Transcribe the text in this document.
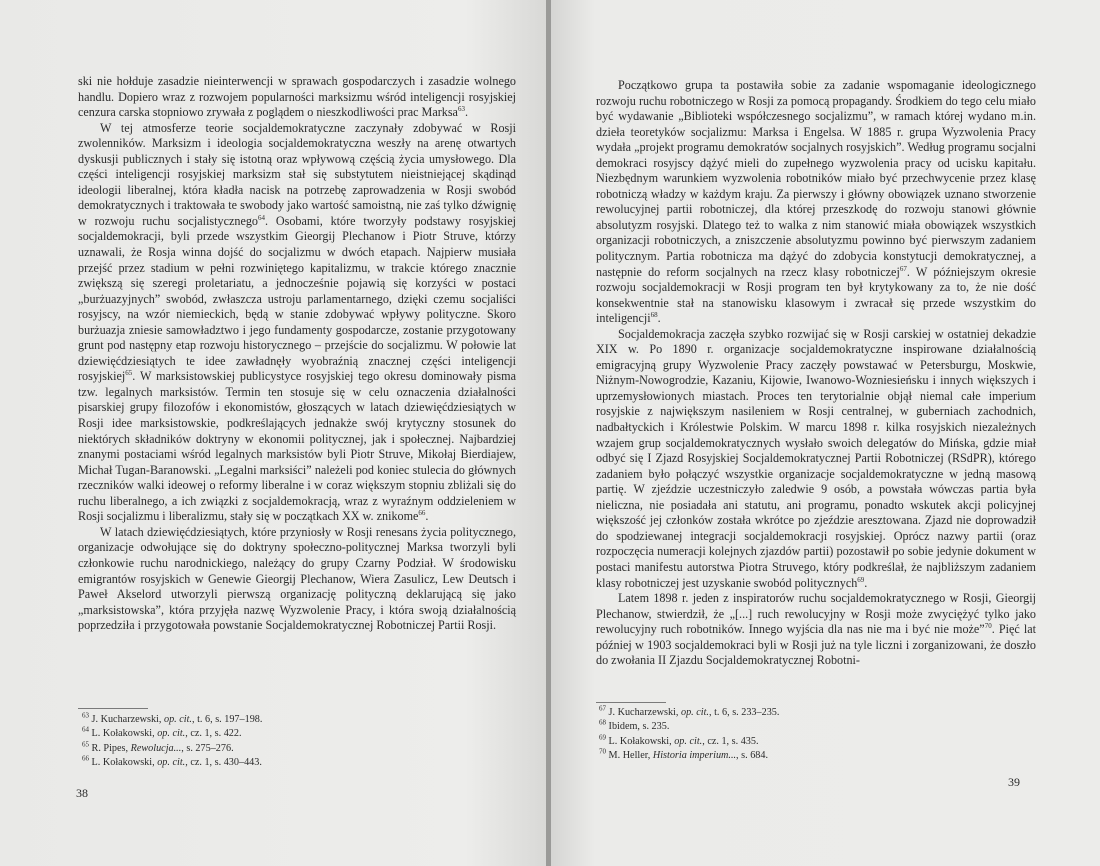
ski nie hołduje zasadzie nieinterwencji w sprawach gospodarczych i zasadzie wolnego handlu. Dopiero wraz z rozwojem popularności marksizmu wśród inteligencji rosyjskiej cenzura carska stopniowo zrywała z poglądem o nieszkodliwości prac Marksa$^{63}$.

W tej atmosferze teorie socjaldemokratyczne zaczynały zdobywać w Rosji zwolenników. Marksizm i ideologia socjaldemokratyczna weszły na arenę otwartych dyskusji publicznych i stały się istotną oraz wpływową częścią życia umysłowego. Dla części inteligencji rosyjskiej marksizm stał się substytutem nieistniejącej skądinąd ideologii liberalnej, która kładła nacisk na potrzebę zaprowadzenia w Rosji swobód demokratycznych i traktowała te swobody jako wartość samoistną, nie zaś tylko dźwignię w rozwoju ruchu socjalistycznego$^{64}$. Osobami, które tworzyły podstawy rosyjskiej socjaldemokracji, byli przede wszystkim Gieorgij Plechanow i Piotr Struve, którzy uznawali, że Rosja winna dojść do socjalizmu w dwóch etapach. Najpierw musiała przejść przez stadium w pełni rozwiniętego kapitalizmu, w trakcie którego znacznie zwiększą się szeregi proletariatu, a jednocześnie pojawią się korzyści w postaci „burżuazyjnych” swobód, zwłaszcza ustroju parlamentarnego, dzięki czemu socjaliści rosyjscy, na wzór niemieckich, będą w stanie zdobywać wpływy polityczne. Skoro burżuazja zniesie samowładztwo i jego fundamenty gospodarcze, zostanie przygotowany grunt pod następny etap rozwoju historycznego – przejście do socjalizmu. W połowie lat dziewięćdziesiątych te idee zawładnęły wyobraźnią znacznej części inteligencji rosyjskiej$^{65}$. W marksistowskiej publicystyce rosyjskiej tego okresu dominowały pisma tzw. legalnych marksistów. Termin ten stosuje się w celu oznaczenia działalności pisarskiej grupy filozofów i ekonomistów, głoszących w latach dziewięćdziesiątych w Rosji idee marksistowskie, podkreślających jednakże swój krytyczny stosunek do niektórych składników doktryny w ekonomii politycznej, jak i społecznej. Najbardziej znanymi postaciami wśród legalnych marksistów byli Piotr Struve, Mikołaj Bierdiajew, Michał Tugan-Baranowski. „Legalni marksiści” należeli pod koniec stulecia do głównych rzeczników walki ideowej o reformy liberalne i w coraz większym stopniu zbliżali się do ruchu liberalnego, a ich związki z socjaldemokracją, wraz z wyraźnym oddzieleniem w Rosji socjalizmu i liberalizmu, stały się w początkach XX w. znikome$^{66}$.

W latach dziewięćdziesiątych, które przyniosły w Rosji renesans życia politycznego, organizacje odwołujące się do doktryny społeczno-politycznej Marksa tworzyli byli członkowie ruchu narodnickiego, należący do grupy Czarny Podział. W środowisku emigrantów rosyjskich w Genewie Gieorgij Plechanow, Wiera Zasulicz, Lew Deutsch i Paweł Akselord utworzyli pierwszą organizację polityczną deklarującą się jako „marksistowska”, która przyjęła nazwę Wyzwolenie Pracy, i która swoją działalnością poprzedziła i przygotowała powstanie Socjaldemokratycznej Robotniczej Partii Rosji.

$^{63}$ J. Kucharzewski, op. cit., t. 6, s. 197–198.
$^{64}$ L. Kołakowski, op. cit., cz. 1, s. 422.
$^{65}$ R. Pipes, Rewolucja..., s. 275–276.
$^{66}$ L. Kołakowski, op. cit., cz. 1, s. 430–443.
38

Początkowo grupa ta postawiła sobie za zadanie wspomaganie ideologicznego rozwoju ruchu robotniczego w Rosji za pomocą propagandy. Środkiem do tego celu miało być wydawanie „Biblioteki współczesnego socjalizmu”, w ramach której wydano m.in. dzieła teoretyków socjalizmu: Marksa i Engelsa. W 1885 r. grupa Wyzwolenia Pracy wydała „projekt programu demokratów socjalnych rosyjskich”. Według programu socjalni demokraci rosyjscy dążyć mieli do zupełnego wyzwolenia pracy od ucisku kapitału. Niezbędnym warunkiem wyzwolenia robotników miało być przechwycenie przez klasę robotniczą władzy w każdym kraju. Za pierwszy i główny obowiązek uznano stworzenie rewolucyjnej partii robotniczej, dla której przeszkodę do rozwoju stanowi głównie absolutyzm rosyjski. Dlatego też to walka z nim stanowić miała obowiązek wszystkich organizacji robotniczych, a zniszczenie absolutyzmu powinno być pierwszym zadaniem politycznym. Partia robotnicza ma dążyć do zdobycia konstytucji demokratycznej, a następnie do reform socjalnych na rzecz klasy robotniczej$^{67}$. W późniejszym okresie rozwoju socjaldemokracji w Rosji program ten był krytykowany za to, że nie dość konsekwentnie stał na stanowisku klasowym i zwracał się przede wszystkim do inteligencji$^{68}$.

Socjaldemokracja zaczęła szybko rozwijać się w Rosji carskiej w ostatniej dekadzie XIX w. Po 1890 r. organizacje socjaldemokratyczne inspirowane działalnością emigracyjną grupy Wyzwolenie Pracy zaczęły powstawać w Petersburgu, Moskwie, Niżnym-Nowogrodzie, Kazaniu, Kijowie, Iwanowo-Wozniesieńsku i innych większych i uprzemysłowionych miastach. Proces ten terytorialnie objął niemal całe imperium rosyjskie z największym nasileniem w Rosji centralnej, w guberniach zachodnich, nadbałtyckich i Królestwie Polskim. W marcu 1898 r. kilka rosyjskich niezależnych wzajem grup socjaldemokratycznych wysłało swoich delegatów do Mińska, gdzie miał odbyć się I Zjazd Rosyjskiej Socjaldemokratycznej Partii Robotniczej (RSdPR), którego zadaniem było połączyć wszystkie organizacje socjaldemokratyczne w jedną masową partię. W zjeździe uczestniczyło zaledwie 9 osób, a powstała wówczas partia była nieliczna, nie posiadała ani statutu, ani programu, ponadto wskutek akcji policyjnej większość jej członków została wkrótce po zjeździe aresztowana. Zjazd nie doprowadził do spodziewanej integracji socjaldemokracji rosyjskiej. Oprócz nazwy partii (oraz rozpoczęcia numeracji kolejnych zjazdów partii) pozostawił po sobie jedynie dokument w postaci manifestu autorstwa Piotra Struvego, który podkreślał, że najbliższym zadaniem klasy robotniczej jest uzyskanie swobód politycznych$^{69}$.

Latem 1898 r. jeden z inspiratorów ruchu socjaldemokratycznego w Rosji, Gieorgij Plechanow, stwierdził, że „[...] ruch rewolucyjny w Rosji może zwyciężyć tylko jako rewolucyjny ruch robotników. Innego wyjścia dla nas nie ma i być nie może”$^{70}$. Pięć lat później w 1903 socjaldemokraci byli w Rosji już na tyle liczni i zorganizowani, że doszło do zwołania II Zjazdu Socjaldemokratycznej Robotni-

$^{67}$ J. Kucharzewski, op. cit., t. 6, s. 233–235.
$^{68}$ Ibidem, s. 235.
$^{69}$ L. Kołakowski, op. cit., cz. 1, s. 435.
$^{70}$ M. Heller, Historia imperium..., s. 684.
39
